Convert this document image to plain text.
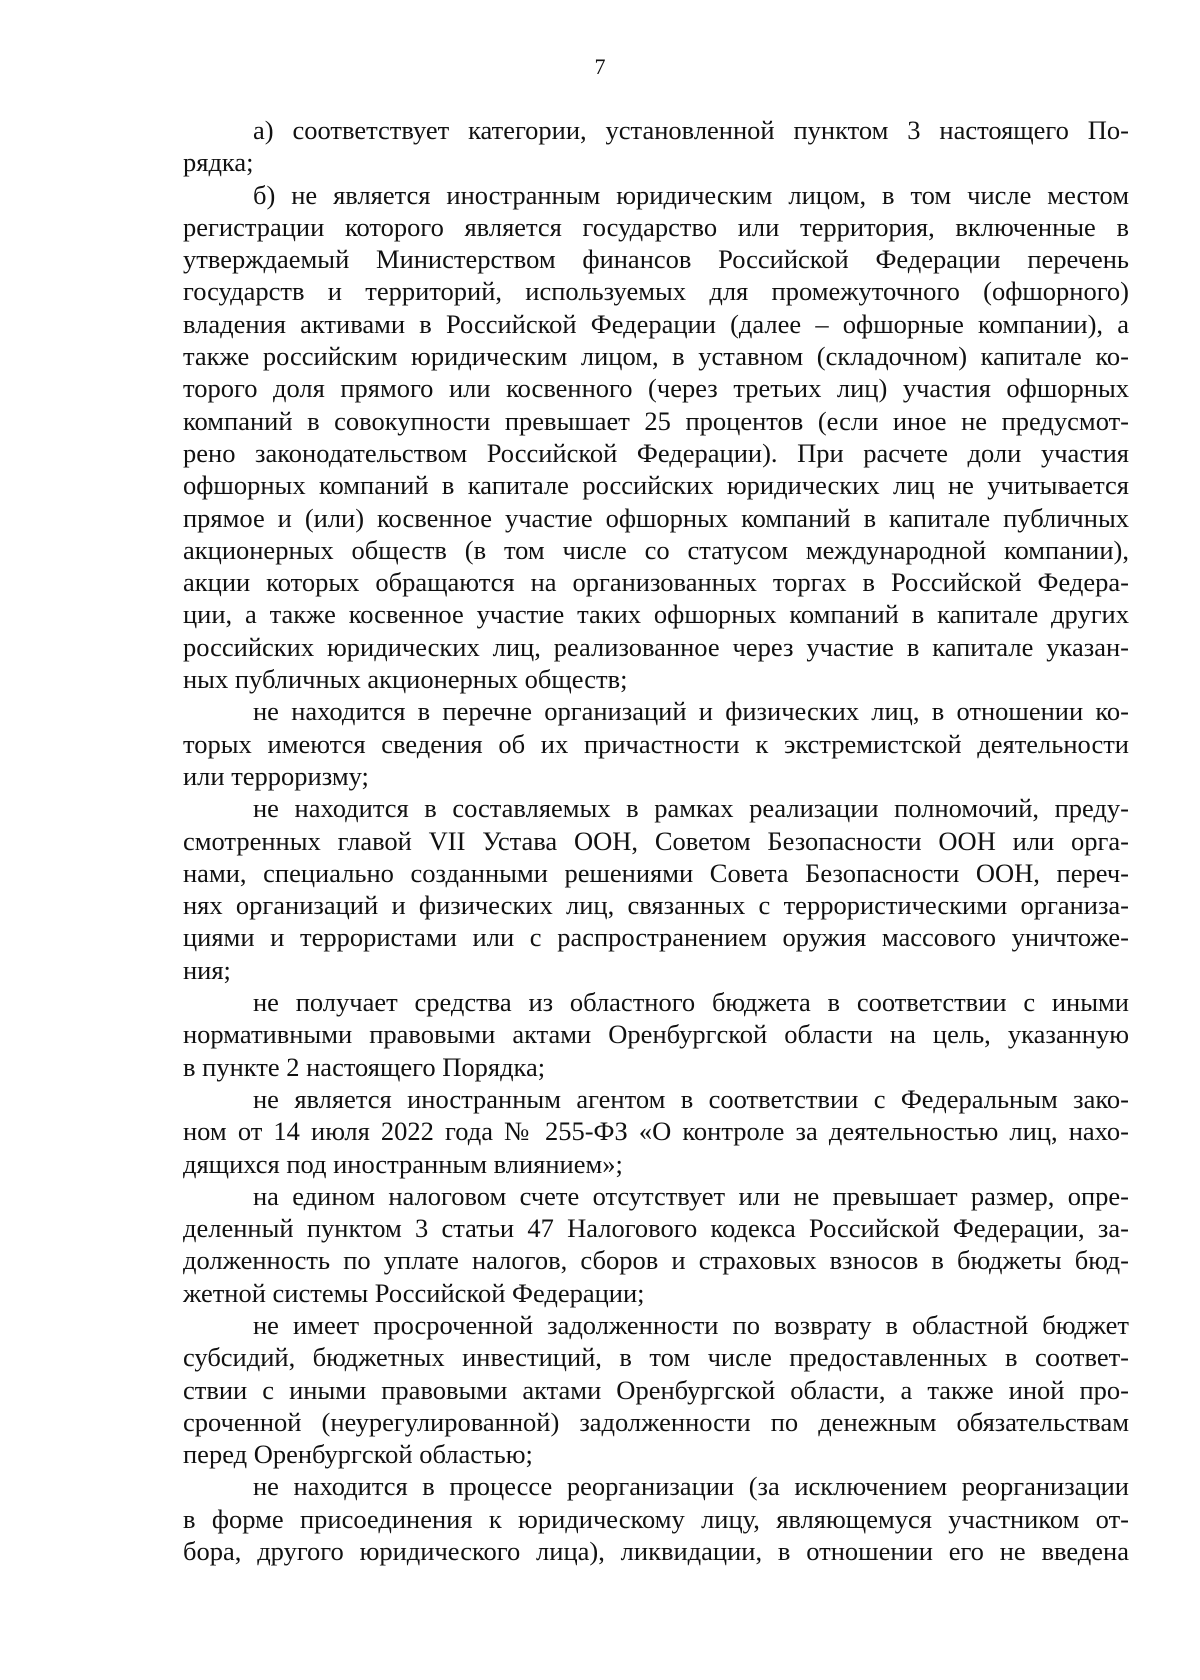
7
а) соответствует категории, установленной пунктом 3 настоящего По-
рядка;
б) не является иностранным юридическим лицом, в том числе местом
регистрации которого является государство или территория, включенные в
утверждаемый Министерством финансов Российской Федерации перечень
государств и территорий, используемых для промежуточного (офшорного)
владения активами в Российской Федерации (далее – офшорные компании), а
также российским юридическим лицом, в уставном (складочном) капитале ко-
торого доля прямого или косвенного (через третьих лиц) участия офшорных
компаний в совокупности превышает 25 процентов (если иное не предусмот-
рено законодательством Российской Федерации). При расчете доли участия
офшорных компаний в капитале российских юридических лиц не учитывается
прямое и (или) косвенное участие офшорных компаний в капитале публичных
акционерных обществ (в том числе со статусом международной компании),
акции которых обращаются на организованных торгах в Российской Федера-
ции, а также косвенное участие таких офшорных компаний в капитале других
российских юридических лиц, реализованное через участие в капитале указан-
ных публичных акционерных обществ;
не находится в перечне организаций и физических лиц, в отношении ко-
торых имеются сведения об их причастности к экстремистской деятельности
или терроризму;
не находится в составляемых в рамках реализации полномочий, преду-
смотренных главой VII Устава ООН, Советом Безопасности ООН или орга-
нами, специально созданными решениями Совета Безопасности ООН, переч-
нях организаций и физических лиц, связанных с террористическими организа-
циями и террористами или с распространением оружия массового уничтоже-
ния;
не получает средства из областного бюджета в соответствии с иными
нормативными правовыми актами Оренбургской области на цель, указанную
в пункте 2 настоящего Порядка;
не является иностранным агентом в соответствии с Федеральным зако-
ном от 14 июля 2022 года № 255-ФЗ «О контроле за деятельностью лиц, нахо-
дящихся под иностранным влиянием»;
на едином налоговом счете отсутствует или не превышает размер, опре-
деленный пунктом 3 статьи 47 Налогового кодекса Российской Федерации, за-
долженность по уплате налогов, сборов и страховых взносов в бюджеты бюд-
жетной системы Российской Федерации;
не имеет просроченной задолженности по возврату в областной бюджет
субсидий, бюджетных инвестиций, в том числе предоставленных в соответ-
ствии с иными правовыми актами Оренбургской области, а также иной про-
сроченной (неурегулированной) задолженности по денежным обязательствам
перед Оренбургской областью;
не находится в процессе реорганизации (за исключением реорганизации
в форме присоединения к юридическому лицу, являющемуся участником от-
бора, другого юридического лица), ликвидации, в отношении его не введена
